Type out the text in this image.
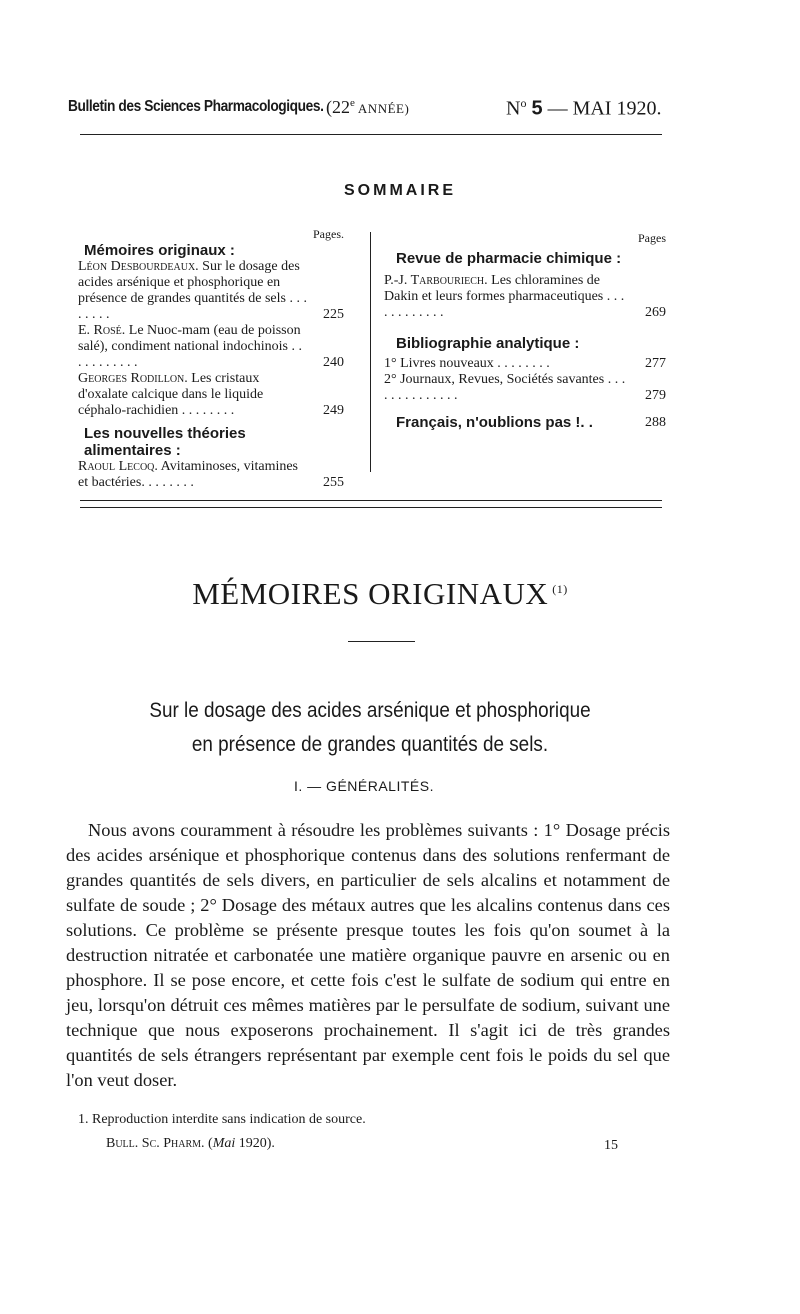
Bulletin des Sciences Pharmacologiques. (22e ANNÉE)	$N^o$ 5 — MAI 1920.
SOMMAIRE
Pages.
Mémoires originaux :
Léon Desbourdeaux. Sur le dosage des acides arsénique et phosphorique en présence de grandes quantités de sels . . . . . . . .	225
E. Rosé. Le Nuoc-mam (eau de poisson salé), condiment national indochinois . . . . . . . . . . .	240
Georges Rodillon. Les cristaux d'oxalate calcique dans le liquide céphalo-rachidien . . . . . . . .	249
Les nouvelles théories alimentaires :
Raoul Lecoq. Avitaminoses, vitamines et bactéries. . . . . . . .	255
Pages
Revue de pharmacie chimique :
P.-J. Tarbouriech. Les chloramines de Dakin et leurs formes pharmaceutiques . . . . . . . . . . . .	269
Bibliographie analytique :
1° Livres nouveaux . . . . . . . .	277
2° Journaux, Revues, Sociétés savantes . . . . . . . . . . . . . .	279
Français, n'oublions pas !. .	288
MÉMOIRES ORIGINAUX $^{(1)}$
Sur le dosage des acides arsénique et phosphorique
en présence de grandes quantités de sels.
I. — GÉNÉRALITÉS.
Nous avons couramment à résoudre les problèmes suivants : 1° Dosage précis des acides arsénique et phosphorique contenus dans des solutions renfermant de grandes quantités de sels divers, en particulier de sels alcalins et notamment de sulfate de soude ; 2° Dosage des métaux autres que les alcalins contenus dans ces solutions. Ce problème se présente presque toutes les fois qu'on soumet à la destruction nitratée et carbonatée une matière organique pauvre en arsenic ou en phosphore. Il se pose encore, et cette fois c'est le sulfate de sodium qui entre en jeu, lorsqu'on détruit ces mêmes matières par le persulfate de sodium, suivant une technique que nous exposerons prochainement. Il s'agit ici de très grandes quantités de sels étrangers représentant par exemple cent fois le poids du sel que l'on veut doser.
1. Reproduction interdite sans indication de source.
Bull. Sc. Pharm. (Mai 1920).	15
